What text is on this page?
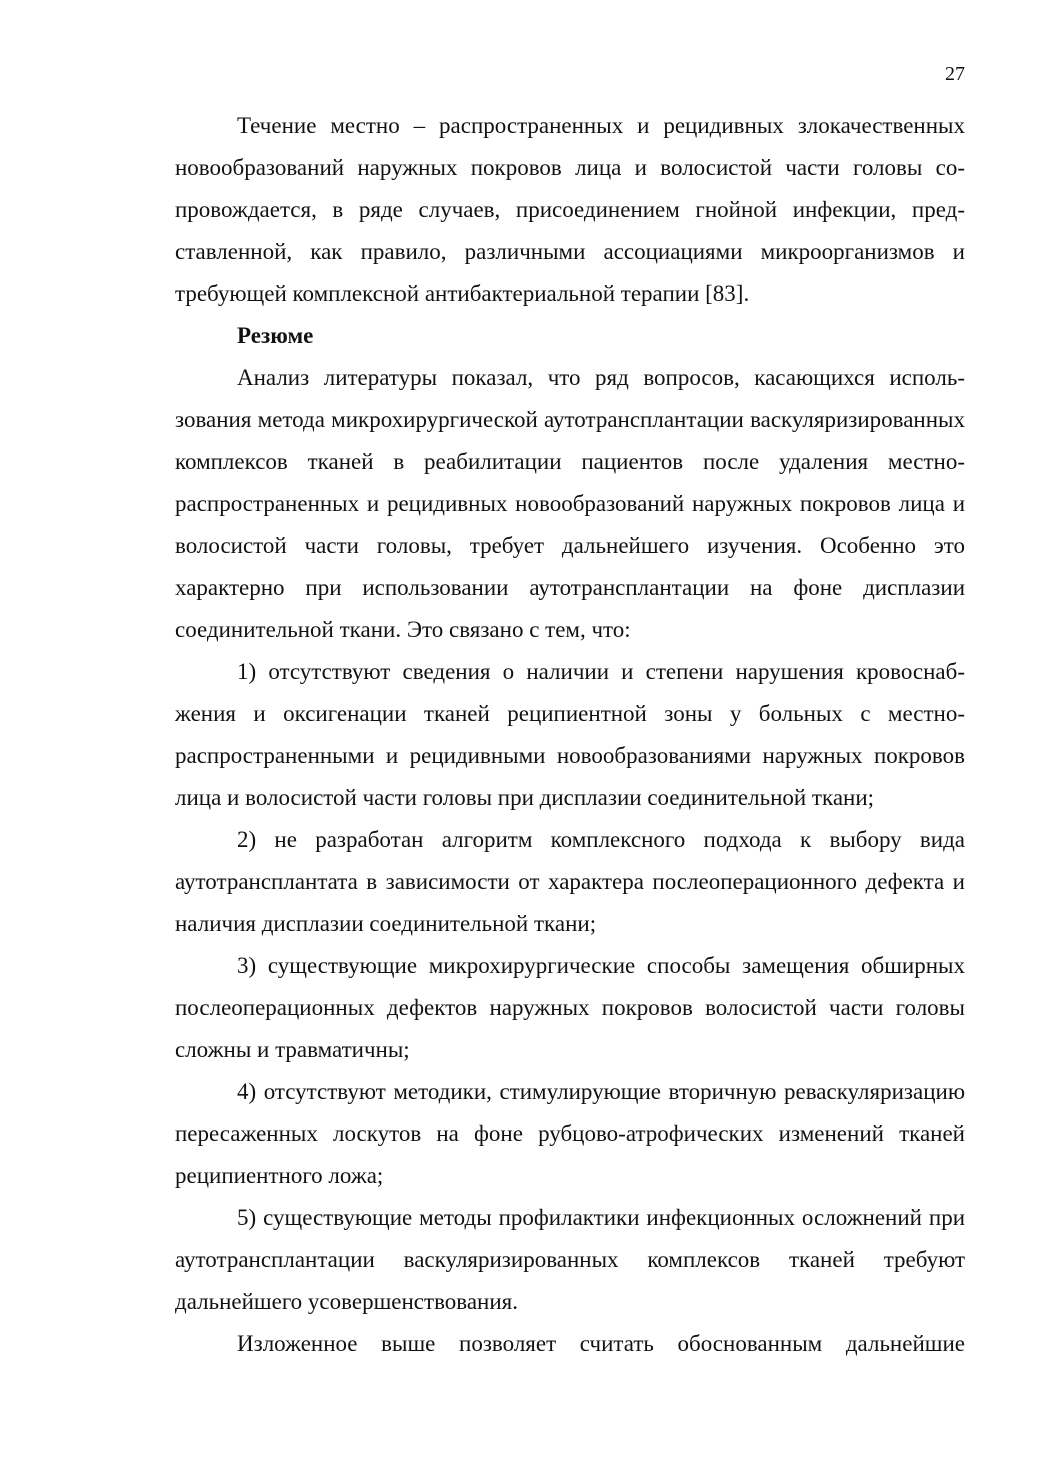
27

Течение местно – распространенных и рецидивных злокачественных новообразований наружных покровов лица и волосистой части головы сопровождается, в ряде случаев, присоединением гнойной инфекции, представленной, как правило, различными ассоциациями микроорганизмов и требующей комплексной антибактериальной терапии [83].

Резюме

Анализ литературы показал, что ряд вопросов, касающихся использования метода микрохирургической аутотрансплантации васкуляризированных комплексов тканей в реабилитации пациентов после удаления местно-распространенных и рецидивных новообразований наружных покровов лица и волосистой части головы, требует дальнейшего изучения. Особенно это характерно при использовании аутотрансплантации на фоне дисплазии соединительной ткани. Это связано с тем, что:

1) отсутствуют сведения о наличии и степени нарушения кровоснабжения и оксигенации тканей реципиентной зоны у больных с местно-распространенными и рецидивными новообразованиями наружных покровов лица и волосистой части головы при дисплазии соединительной ткани;

2) не разработан алгоритм комплексного подхода к выбору вида аутотрансплантата в зависимости от характера послеоперационного дефекта и наличия дисплазии соединительной ткани;

3) существующие микрохирургические способы замещения обширных послеоперационных дефектов наружных покровов волосистой части головы сложны и травматичны;

4) отсутствуют методики, стимулирующие вторичную реваскуляризацию пересаженных лоскутов на фоне рубцово-атрофических изменений тканей реципиентного ложа;

5) существующие методы профилактики инфекционных осложнений при аутотрансплантации васкуляризированных комплексов тканей требуют дальнейшего усовершенствования.

Изложенное выше позволяет считать обоснованным дальнейшие
